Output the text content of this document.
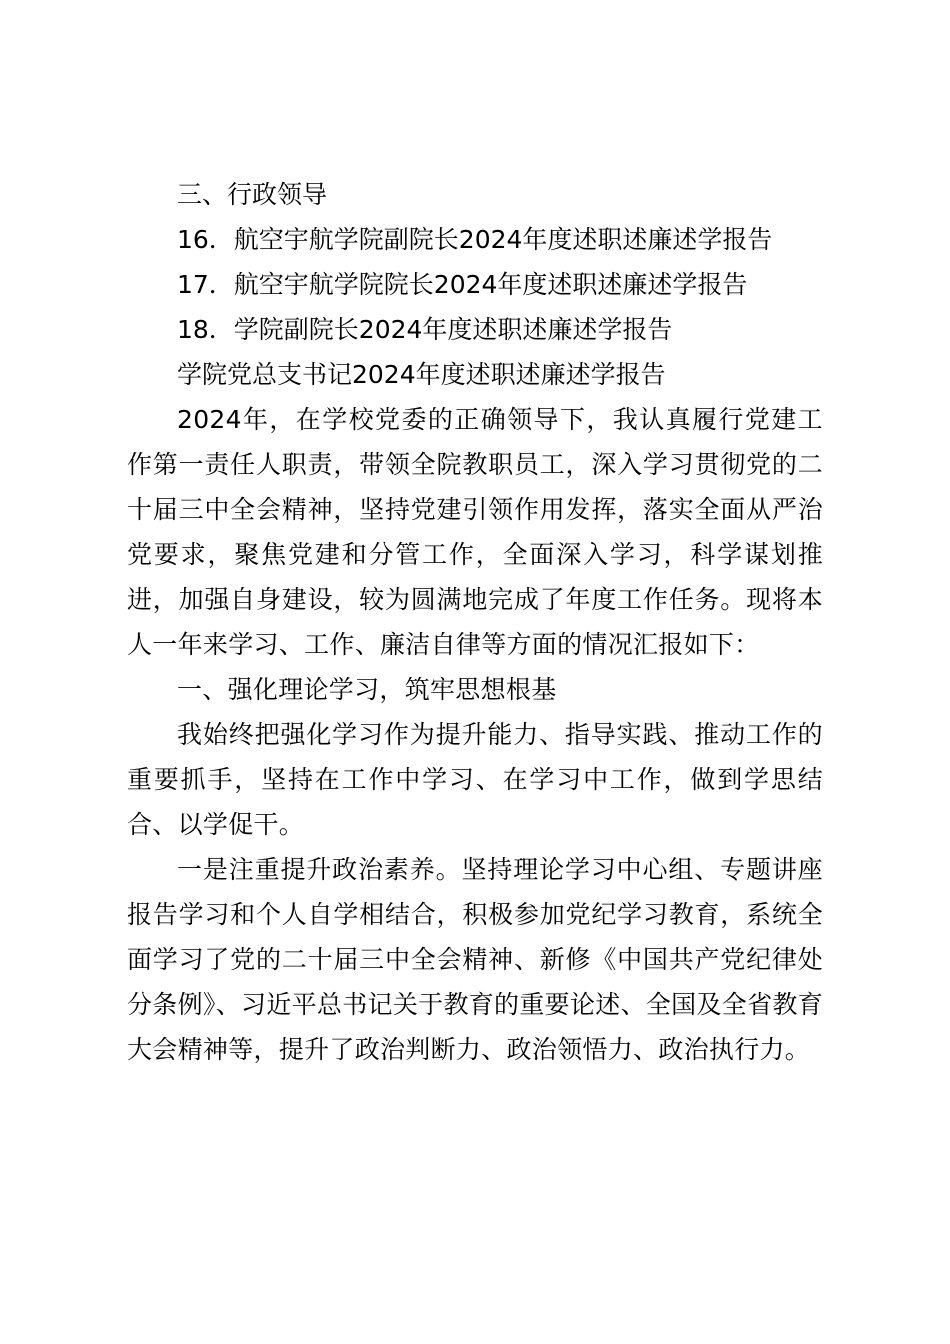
三、行政领导

16．航空宇航学院副院长2024年度述职述廉述学报告

17．航空宇航学院院长2024年度述职述廉述学报告

18．学院副院长2024年度述职述廉述学报告

学院党总支书记2024年度述职述廉述学报告

2024年，在学校党委的正确领导下，我认真履行党建工作第一责任人职责，带领全院教职员工，深入学习贯彻党的二十届三中全会精神，坚持党建引领作用发挥，落实全面从严治党要求，聚焦党建和分管工作，全面深入学习，科学谋划推进，加强自身建设，较为圆满地完成了年度工作任务。现将本人一年来学习、工作、廉洁自律等方面的情况汇报如下：

一、强化理论学习，筑牢思想根基

我始终把强化学习作为提升能力、指导实践、推动工作的重要抓手，坚持在工作中学习、在学习中工作，做到学思结合、以学促干。

一是注重提升政治素养。坚持理论学习中心组、专题讲座报告学习和个人自学相结合，积极参加党纪学习教育，系统全面学习了党的二十届三中全会精神、新修《中国共产党纪律处分条例》、习近平总书记关于教育的重要论述、全国及全省教育大会精神等，提升了政治判断力、政治领悟力、政治执行力。
